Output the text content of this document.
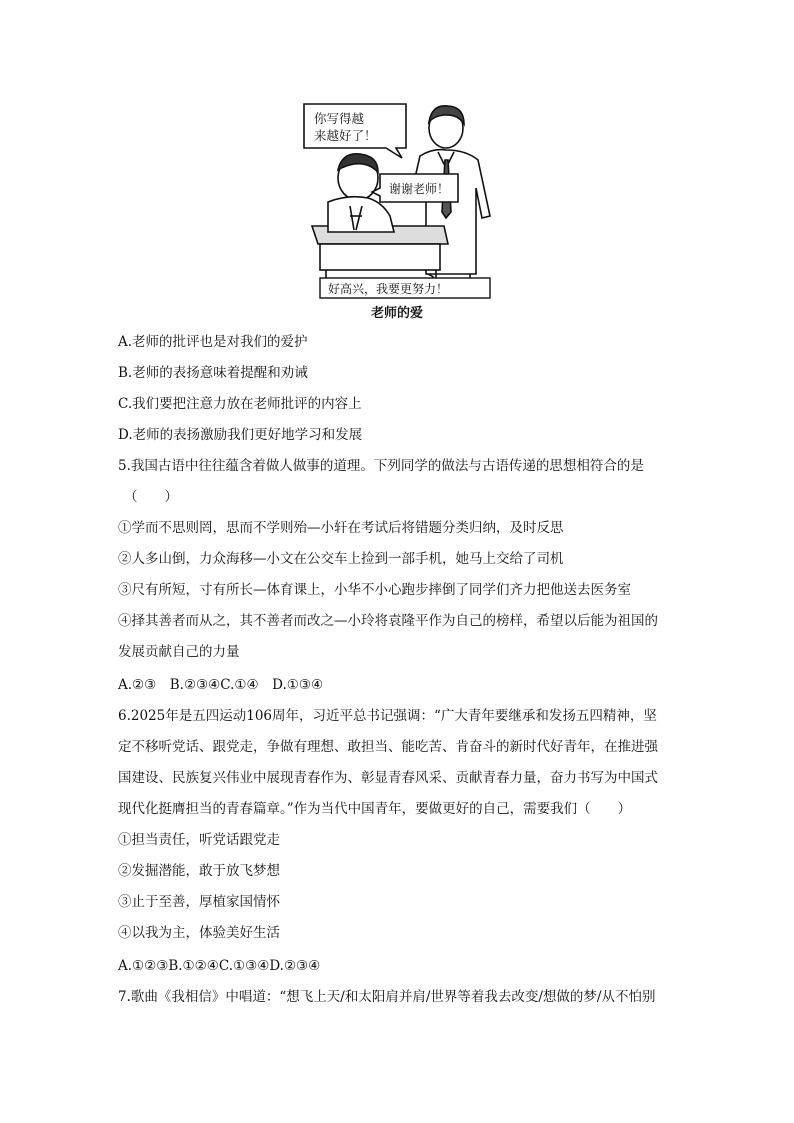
你写得越
来越好了！
谢谢老师！
好高兴，我要更努力！
老师的爱
A.老师的批评也是对我们的爱护
B.老师的表扬意味着提醒和劝诫
C.我们要把注意力放在老师批评的内容上
D.老师的表扬激励我们更好地学习和发展
5.我国古语中往往蕴含着做人做事的道理。下列同学的做法与古语传递的思想相符合的是
（　　）
①学而不思则罔，思而不学则殆—小轩在考试后将错题分类归纳，及时反思
②人多山倒，力众海移—小文在公交车上捡到一部手机，她马上交给了司机
③尺有所短，寸有所长—体育课上，小华不小心跑步摔倒了同学们齐力把他送去医务室
④择其善者而从之，其不善者而改之—小玲将袁隆平作为自己的榜样，希望以后能为祖国的
发展贡献自己的力量
A.②③　B.②③④C.①④　D.①③④
6.2025年是五四运动106周年，习近平总书记强调：“广大青年要继承和发扬五四精神，坚
定不移听党话、跟党走，争做有理想、敢担当、能吃苦、肯奋斗的新时代好青年，在推进强
国建设、民族复兴伟业中展现青春作为、彰显青春风采、贡献青春力量，奋力书写为中国式
现代化挺膺担当的青春篇章。”作为当代中国青年，要做更好的自己，需要我们（　　）
①担当责任，听党话跟党走
②发掘潜能，敢于放飞梦想
③止于至善，厚植家国情怀
④以我为主，体验美好生活
A.①②③B.①②④C.①③④D.②③④
7.歌曲《我相信》中唱道：“想飞上天/和太阳肩并肩/世界等着我去改变/想做的梦/从不怕别
